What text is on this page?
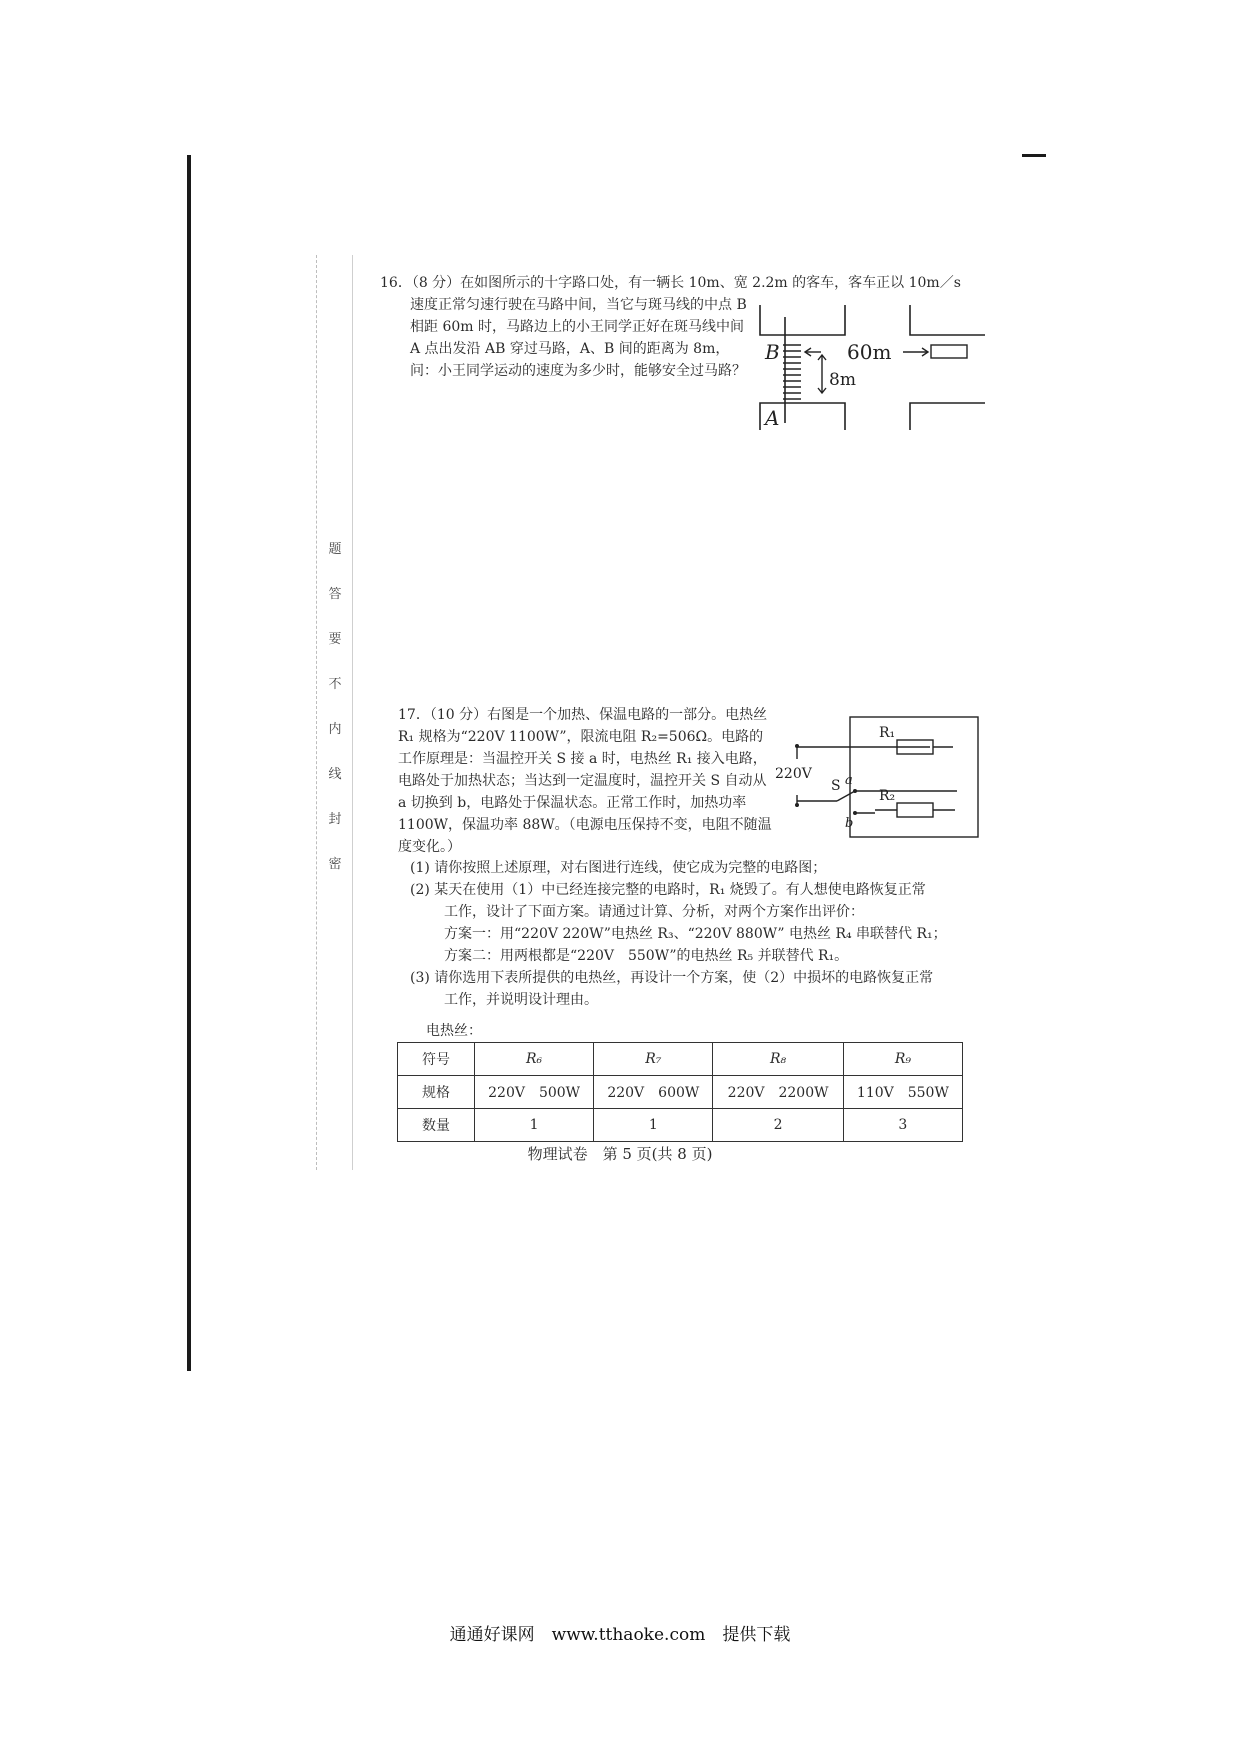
题
答
要
不
内
线
封
密
16．（8 分）在如图所示的十字路口处，有一辆长 10m、宽 2.2m 的客车，客车正以 10m／s
速度正常匀速行驶在马路中间，当它与斑马线的中点 B 相距 60m 时，马路边上的小王同学正好在斑马线中间 A 点出发沿 AB 穿过马路，A、B 间的距离为 8m，问：小王同学运动的速度为多少时，能够安全过马路？
B
A
60m
8m
17．（10 分）右图是一个加热、保温电路的一部分。电热丝 R₁ 规格为“220V 1100W”，限流电阻 R₂=506Ω。电路的工作原理是：当温控开关 S 接 a 时，电热丝 R₁ 接入电路，电路处于加热状态；当达到一定温度时，温控开关 S 自动从 a 切换到 b，电路处于保温状态。正常工作时，加热功率 1100W，保温功率 88W。（电源电压保持不变，电阻不随温度变化。）
220V
S a
b
R₁
R₂
(1) 请你按照上述原理，对右图进行连线，使它成为完整的电路图；
(2) 某天在使用（1）中已经连接完整的电路时，R₁ 烧毁了。有人想使电路恢复正常
工作，设计了下面方案。请通过计算、分析，对两个方案作出评价：
方案一：用“220V 220W”电热丝 R₃、“220V 880W” 电热丝 R₄ 串联替代 R₁；
方案二：用两根都是“220V　550W”的电热丝 R₅ 并联替代 R₁。
(3) 请你选用下表所提供的电热丝，再设计一个方案，使（2）中损坏的电路恢复正常
工作，并说明设计理由。
电热丝：
符号	R₆	R₇	R₈	R₉
规格	220V　500W	220V　600W	220V　2200W	110V　550W
数量	1	1	2	3
物理试卷　第 5 页(共 8 页)
通通好课网　www.tthaoke.com　提供下载
